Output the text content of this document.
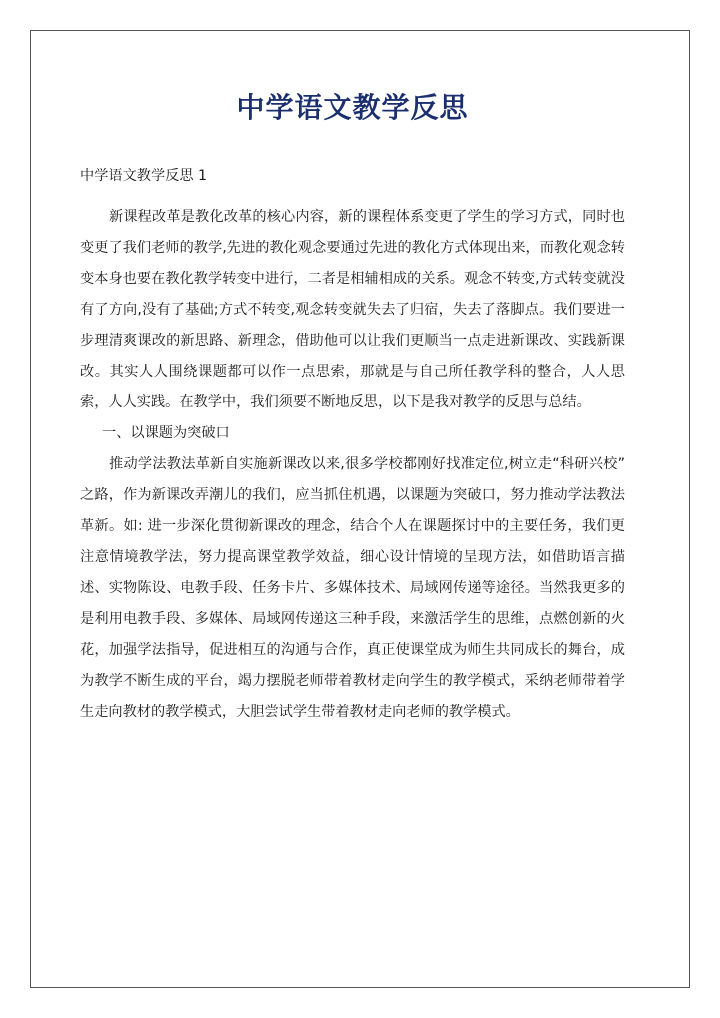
中学语文教学反思
中学语文教学反思 1

新课程改革是教化改革的核心内容，新的课程体系变更了学生的学习方式，同时也变更了我们老师的教学,先进的教化观念要通过先进的教化方式体现出来，而教化观念转变本身也要在教化教学转变中进行，二者是相辅相成的关系。观念不转变,方式转变就没有了方向,没有了基础;方式不转变,观念转变就失去了归宿，失去了落脚点。我们要进一步理清爽课改的新思路、新理念，借助他可以让我们更顺当一点走进新课改、实践新课改。其实人人围绕课题都可以作一点思索，那就是与自己所任教学科的整合，人人思索，人人实践。在教学中，我们须要不断地反思，以下是我对教学的反思与总结。

一、以课题为突破口

推动学法教法革新自实施新课改以来,很多学校都刚好找准定位,树立走“科研兴校” 之路，作为新课改弄潮儿的我们，应当抓住机遇，以课题为突破口，努力推动学法教法革新。如: 进一步深化贯彻新课改的理念，结合个人在课题探讨中的主要任务，我们更注意情境教学法，努力提高课堂教学效益，细心设计情境的呈现方法，如借助语言描述、实物陈设、电教手段、任务卡片、多媒体技术、局域网传递等途径。当然我更多的是利用电教手段、多媒体、局域网传递这三种手段，来激活学生的思维，点燃创新的火花，加强学法指导，促进相互的沟通与合作，真正使课堂成为师生共同成长的舞台，成为教学不断生成的平台，竭力摆脱老师带着教材走向学生的教学模式，采纳老师带着学生走向教材的教学模式，大胆尝试学生带着教材走向老师的教学模式。
